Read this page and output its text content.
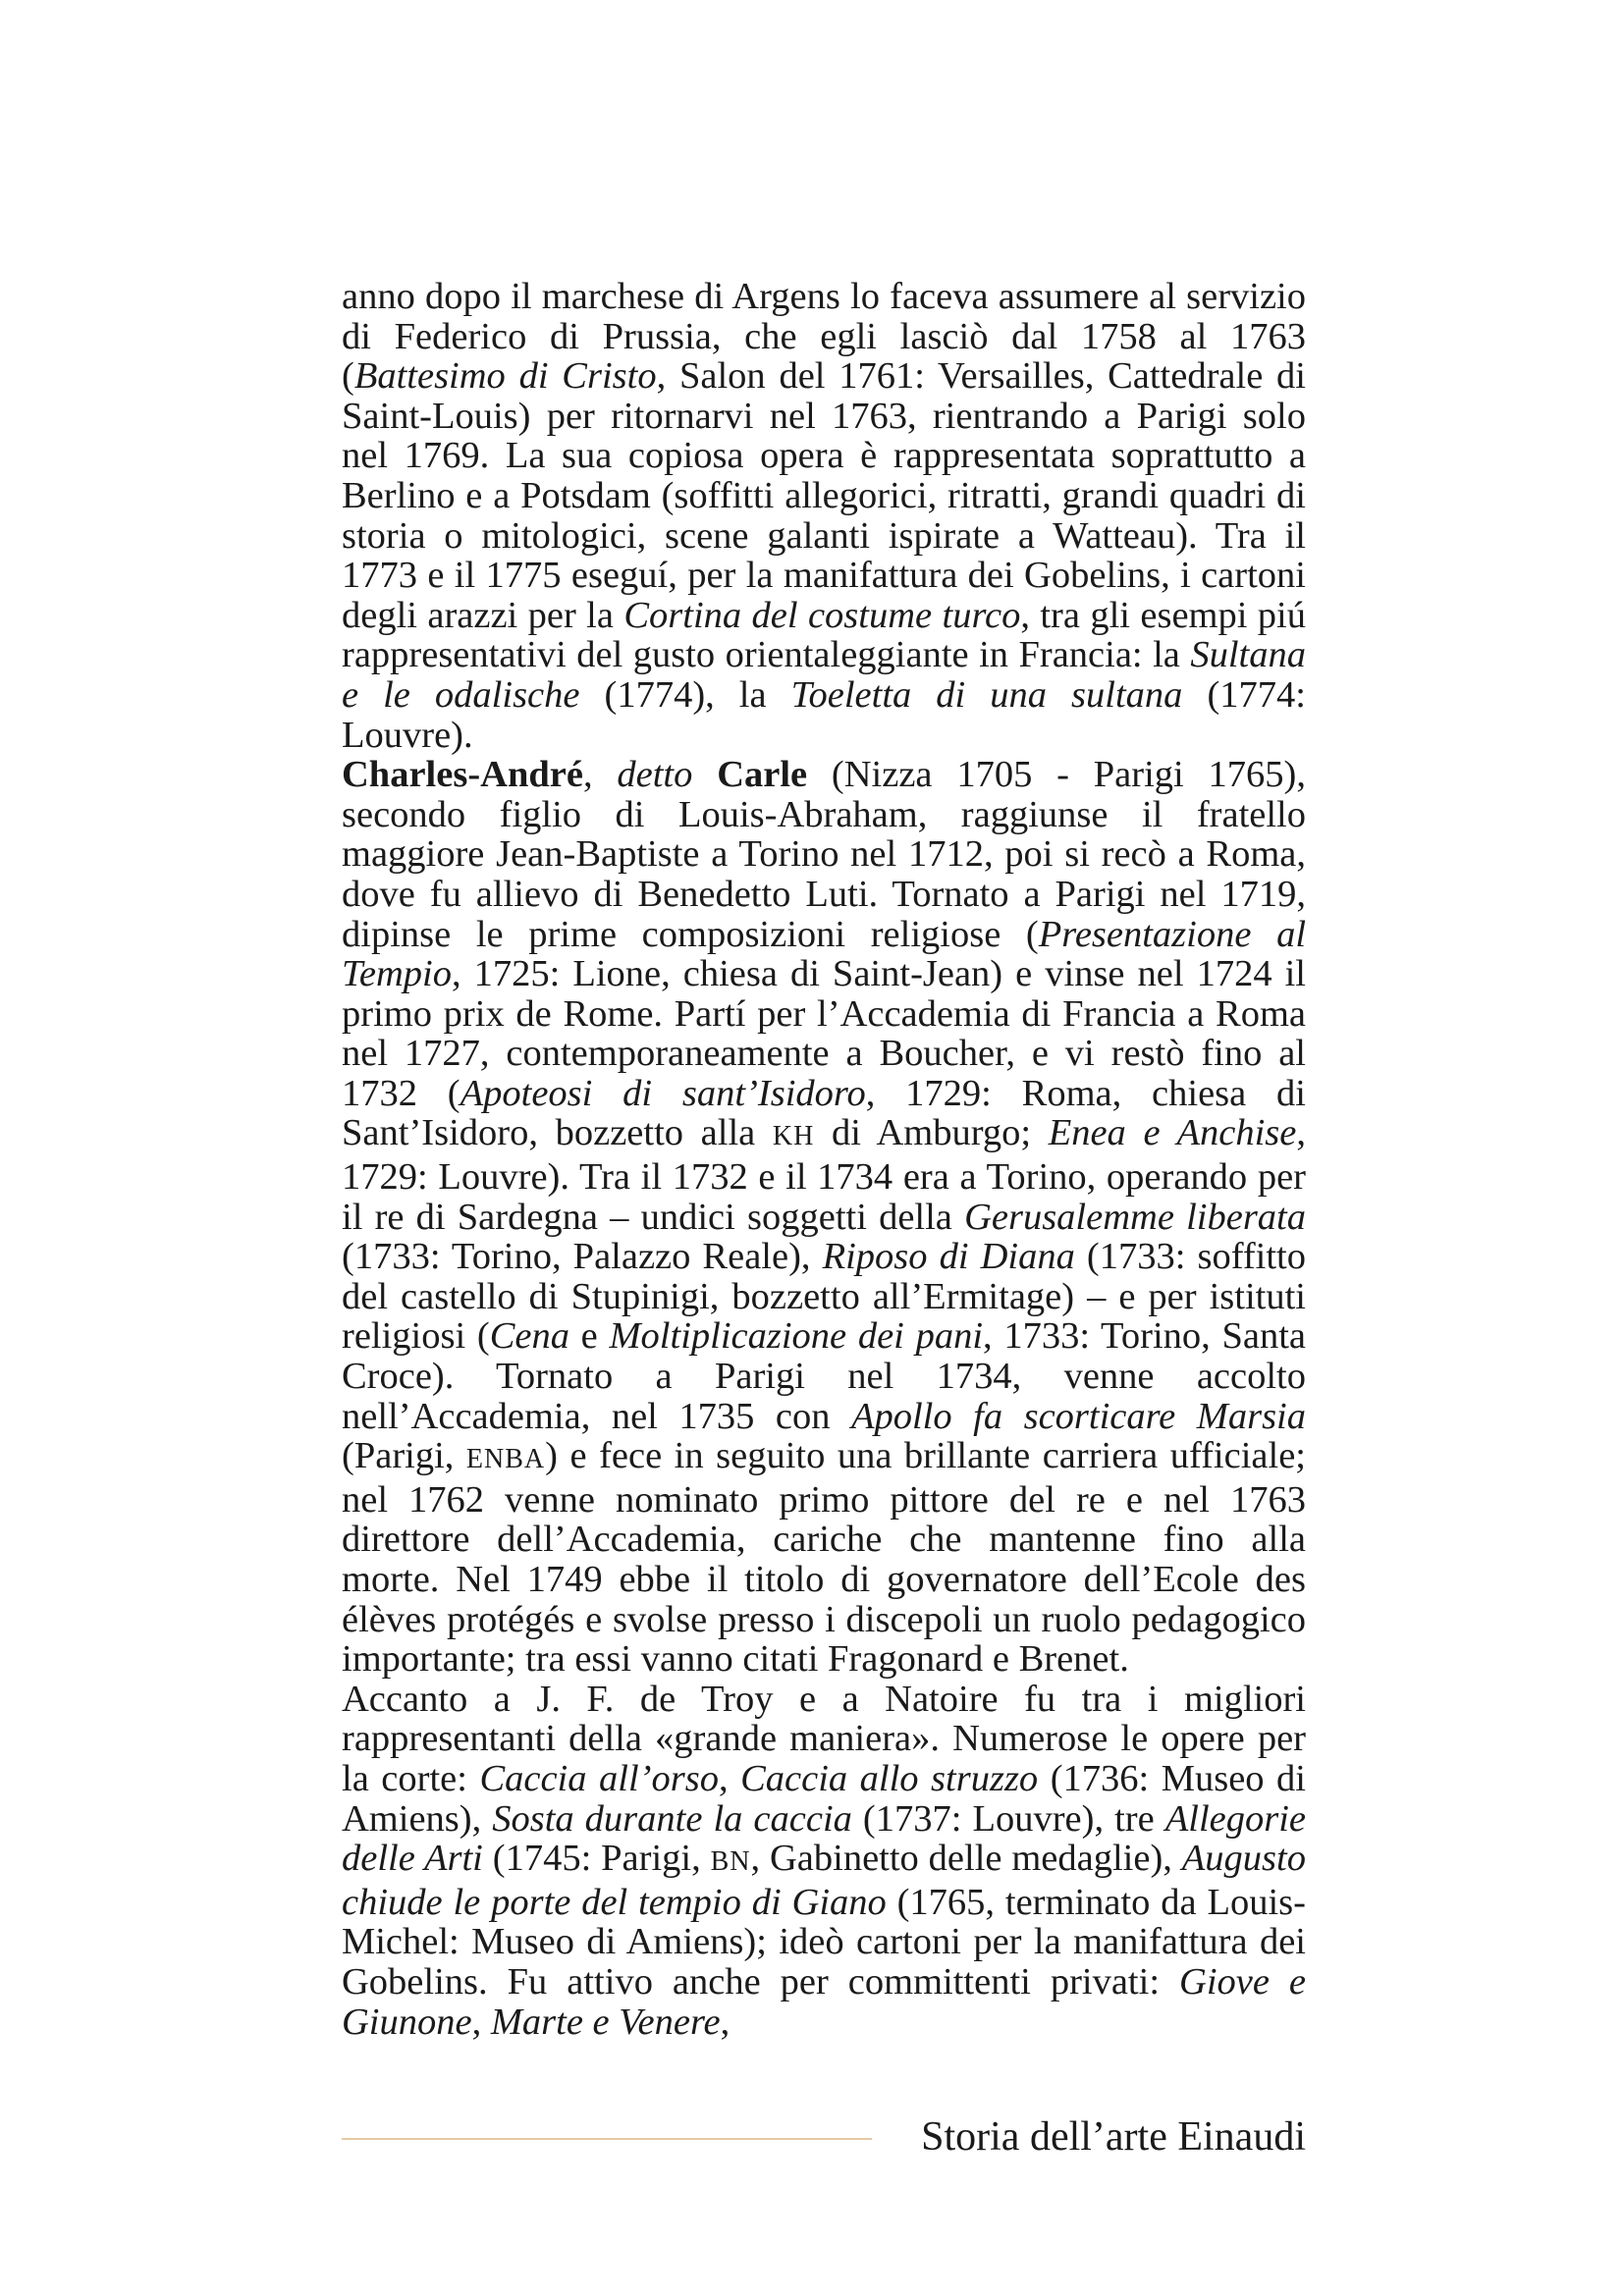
anno dopo il marchese di Argens lo faceva assumere al servizio di Federico di Prussia, che egli lasciò dal 1758 al 1763 (Battesimo di Cristo, Salon del 1761: Versailles, Cattedrale di Saint-Louis) per ritornarvi nel 1763, rientrando a Parigi solo nel 1769. La sua copiosa opera è rappresentata soprattutto a Berlino e a Potsdam (soffitti allegorici, ritratti, grandi quadri di storia o mitologici, scene galanti ispirate a Watteau). Tra il 1773 e il 1775 eseguí, per la manifattura dei Gobelins, i cartoni degli arazzi per la Cortina del costume turco, tra gli esempi piú rappresentativi del gusto orientaleggiante in Francia: la Sultana e le odalische (1774), la Toeletta di una sultana (1774: Louvre).

Charles-André, detto Carle (Nizza 1705 - Parigi 1765), secondo figlio di Louis-Abraham, raggiunse il fratello maggiore Jean-Baptiste a Torino nel 1712, poi si recò a Roma, dove fu allievo di Benedetto Luti. Tornato a Parigi nel 1719, dipinse le prime composizioni religiose (Presentazione al Tempio, 1725: Lione, chiesa di Saint-Jean) e vinse nel 1724 il primo prix de Rome. Partí per l’Accademia di Francia a Roma nel 1727, contemporaneamente a Boucher, e vi restò fino al 1732 (Apoteosi di sant’Isidoro, 1729: Roma, chiesa di Sant’Isidoro, bozzetto alla KH di Amburgo; Enea e Anchise, 1729: Louvre). Tra il 1732 e il 1734 era a Torino, operando per il re di Sardegna – undici soggetti della Gerusalemme liberata (1733: Torino, Palazzo Reale), Riposo di Diana (1733: soffitto del castello di Stupinigi, bozzetto all’Ermitage) – e per istituti religiosi (Cena e Moltiplicazione dei pani, 1733: Torino, Santa Croce). Tornato a Parigi nel 1734, venne accolto nell’Accademia, nel 1735 con Apollo fa scorticare Marsia (Parigi, ENBA) e fece in seguito una brillante carriera ufficiale; nel 1762 venne nominato primo pittore del re e nel 1763 direttore dell’Accademia, cariche che mantenne fino alla morte. Nel 1749 ebbe il titolo di governatore dell’Ecole des élèves protégés e svolse presso i discepoli un ruolo pedagogico importante; tra essi vanno citati Fragonard e Brenet.

Accanto a J. F. de Troy e a Natoire fu tra i migliori rappresentanti della «grande maniera». Numerose le opere per la corte: Caccia all’orso, Caccia allo struzzo (1736: Museo di Amiens), Sosta durante la caccia (1737: Louvre), tre Allegorie delle Arti (1745: Parigi, BN, Gabinetto delle medaglie), Augusto chiude le porte del tempio di Giano (1765, terminato da Louis-Michel: Museo di Amiens); ideò cartoni per la manifattura dei Gobelins. Fu attivo anche per committenti privati: Giove e Giunone, Marte e Venere,

Storia dell’arte Einaudi
